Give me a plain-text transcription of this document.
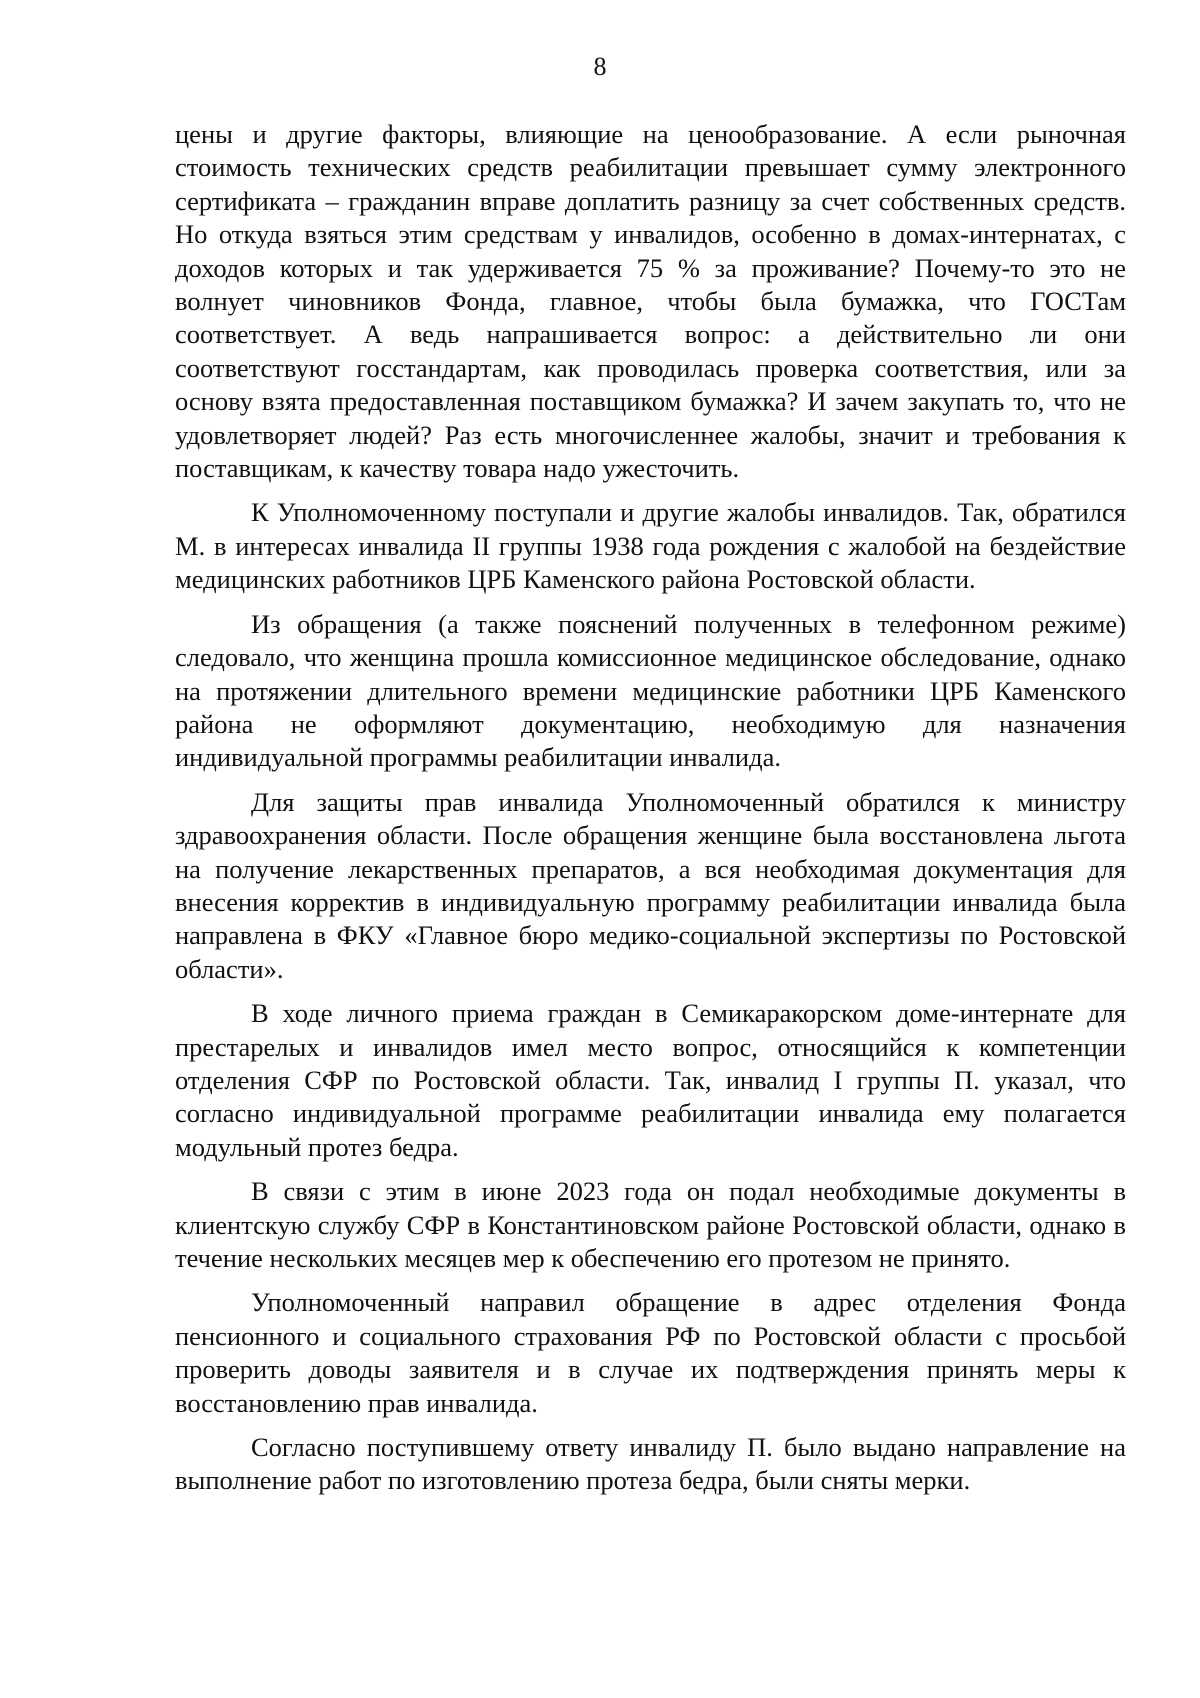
8

цены и другие факторы, влияющие на ценообразование. А если рыночная стоимость технических средств реабилитации превышает сумму электронного сертификата – гражданин вправе доплатить разницу за счет собственных средств. Но откуда взяться этим средствам у инвалидов, особенно в домах-интернатах, с доходов которых и так удерживается 75 % за проживание? Почему-то это не волнует чиновников Фонда, главное, чтобы была бумажка, что ГОСТам соответствует. А ведь напрашивается вопрос: а действительно ли они соответствуют госстандартам, как проводилась проверка соответствия, или за основу взята предоставленная поставщиком бумажка? И зачем закупать то, что не удовлетворяет людей? Раз есть многочисленнее жалобы, значит и требования к поставщикам, к качеству товара надо ужесточить.

К Уполномоченному поступали и другие жалобы инвалидов. Так, обратился М. в интересах инвалида II группы 1938 года рождения с жалобой на бездействие медицинских работников ЦРБ Каменского района Ростовской области.

Из обращения (а также пояснений полученных в телефонном режиме) следовало, что женщина прошла комиссионное медицинское обследование, однако на протяжении длительного времени медицинские работники ЦРБ Каменского района не оформляют документацию, необходимую для назначения индивидуальной программы реабилитации инвалида.

Для защиты прав инвалида Уполномоченный обратился к министру здравоохранения области. После обращения женщине была восстановлена льгота на получение лекарственных препаратов, а вся необходимая документация для внесения корректив в индивидуальную программу реабилитации инвалида была направлена в ФКУ «Главное бюро медико-социальной экспертизы по Ростовской области».

В ходе личного приема граждан в Семикаракорском доме-интернате для престарелых и инвалидов имел место вопрос, относящийся к компетенции отделения СФР по Ростовской области. Так, инвалид I группы П. указал, что согласно индивидуальной программе реабилитации инвалида ему полагается модульный протез бедра.

В связи с этим в июне 2023 года он подал необходимые документы в клиентскую службу СФР в Константиновском районе Ростовской области, однако в течение нескольких месяцев мер к обеспечению его протезом не принято.

Уполномоченный направил обращение в адрес отделения Фонда пенсионного и социального страхования РФ по Ростовской области с просьбой проверить доводы заявителя и в случае их подтверждения принять меры к восстановлению прав инвалида.

Согласно поступившему ответу инвалиду П. было выдано направление на выполнение работ по изготовлению протеза бедра, были сняты мерки.
